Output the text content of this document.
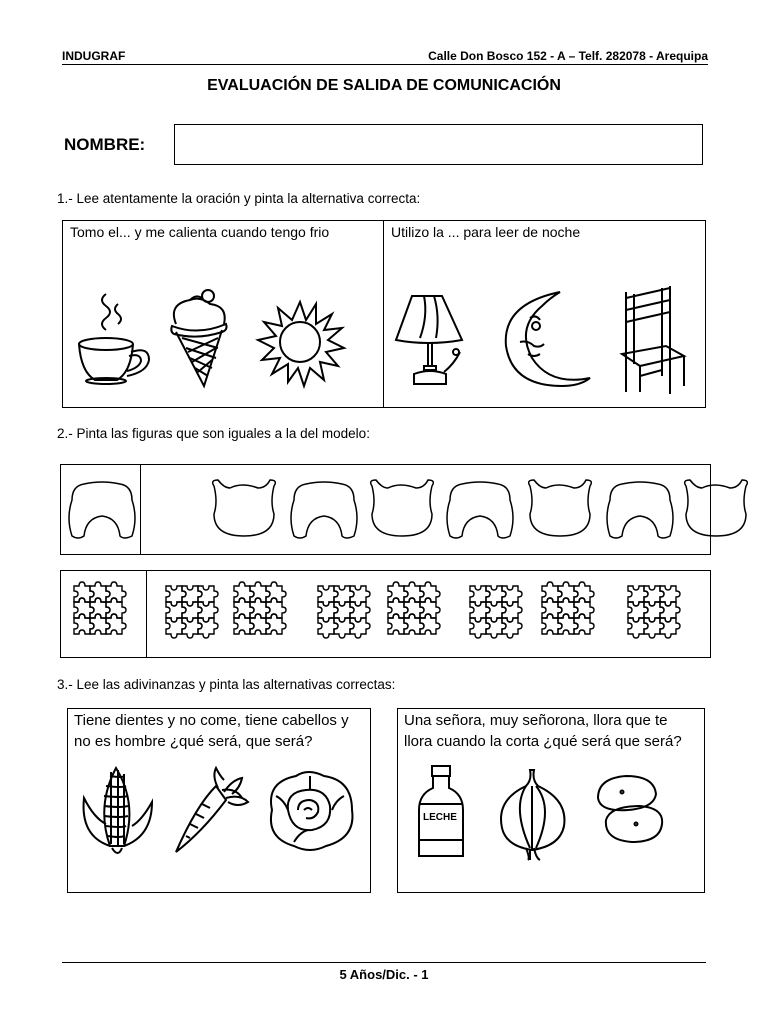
INDUGRAF	Calle Don Bosco 152 - A – Telf. 282078 - Arequipa
EVALUACIÓN DE SALIDA DE COMUNICACIÓN
NOMBRE:
1.- Lee atentamente la oración y pinta la alternativa correcta:
Tomo el... y me calienta cuando tengo frio	Utilizo la ... para leer de noche
2.- Pinta las figuras que son iguales a la del modelo:
3.- Lee las adivinanzas y pinta las alternativas correctas:
Tiene dientes y no come, tiene cabellos y
no es hombre ¿qué será, que será?
Una señora, muy señorona, llora que te
llora cuando la corta ¿qué será que será?
LECHE
5 Años/Dic. - 1
